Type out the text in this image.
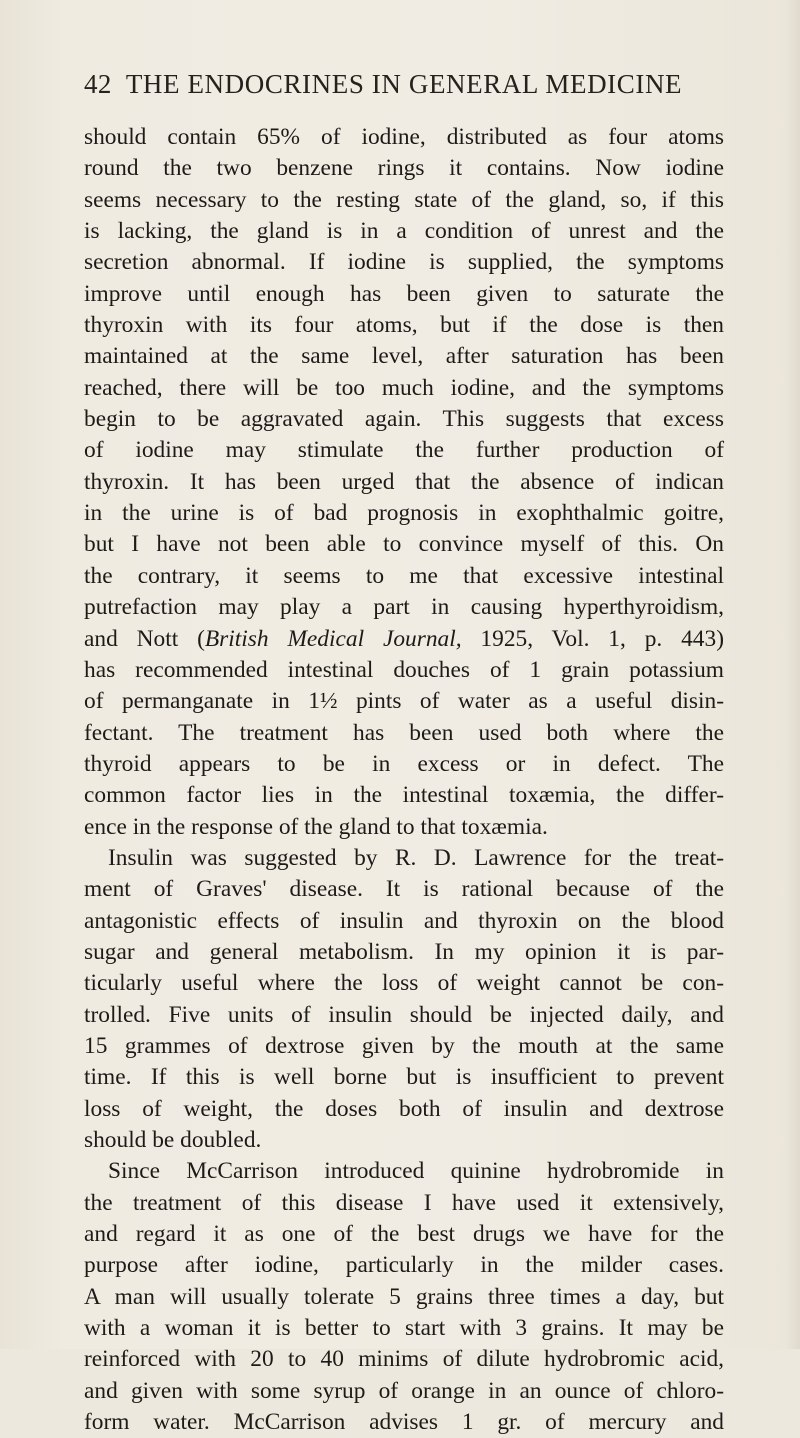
42 THE ENDOCRINES IN GENERAL MEDICINE
should contain 65% of iodine, distributed as four atoms
round the two benzene rings it contains. Now iodine
seems necessary to the resting state of the gland, so, if this
is lacking, the gland is in a condition of unrest and the
secretion abnormal. If iodine is supplied, the symptoms
improve until enough has been given to saturate the
thyroxin with its four atoms, but if the dose is then
maintained at the same level, after saturation has been
reached, there will be too much iodine, and the symptoms
begin to be aggravated again. This suggests that excess
of iodine may stimulate the further production of
thyroxin. It has been urged that the absence of indican
in the urine is of bad prognosis in exophthalmic goitre,
but I have not been able to convince myself of this. On
the contrary, it seems to me that excessive intestinal
putrefaction may play a part in causing hyperthyroidism,
and Nott (British Medical Journal, 1925, Vol. 1, p. 443)
has recommended intestinal douches of 1 grain potassium
of permanganate in 1½ pints of water as a useful disin-
fectant. The treatment has been used both where the
thyroid appears to be in excess or in defect. The
common factor lies in the intestinal toxæmia, the differ-
ence in the response of the gland to that toxæmia.
Insulin was suggested by R. D. Lawrence for the treat-
ment of Graves' disease. It is rational because of the
antagonistic effects of insulin and thyroxin on the blood
sugar and general metabolism. In my opinion it is par-
ticularly useful where the loss of weight cannot be con-
trolled. Five units of insulin should be injected daily, and
15 grammes of dextrose given by the mouth at the same
time. If this is well borne but is insufficient to prevent
loss of weight, the doses both of insulin and dextrose
should be doubled.
Since McCarrison introduced quinine hydrobromide in
the treatment of this disease I have used it extensively,
and regard it as one of the best drugs we have for the
purpose after iodine, particularly in the milder cases.
A man will usually tolerate 5 grains three times a day, but
with a woman it is better to start with 3 grains. It may be
reinforced with 20 to 40 minims of dilute hydrobromic acid,
and given with some syrup of orange in an ounce of chloro-
form water. McCarrison advises 1 gr. of mercury and
